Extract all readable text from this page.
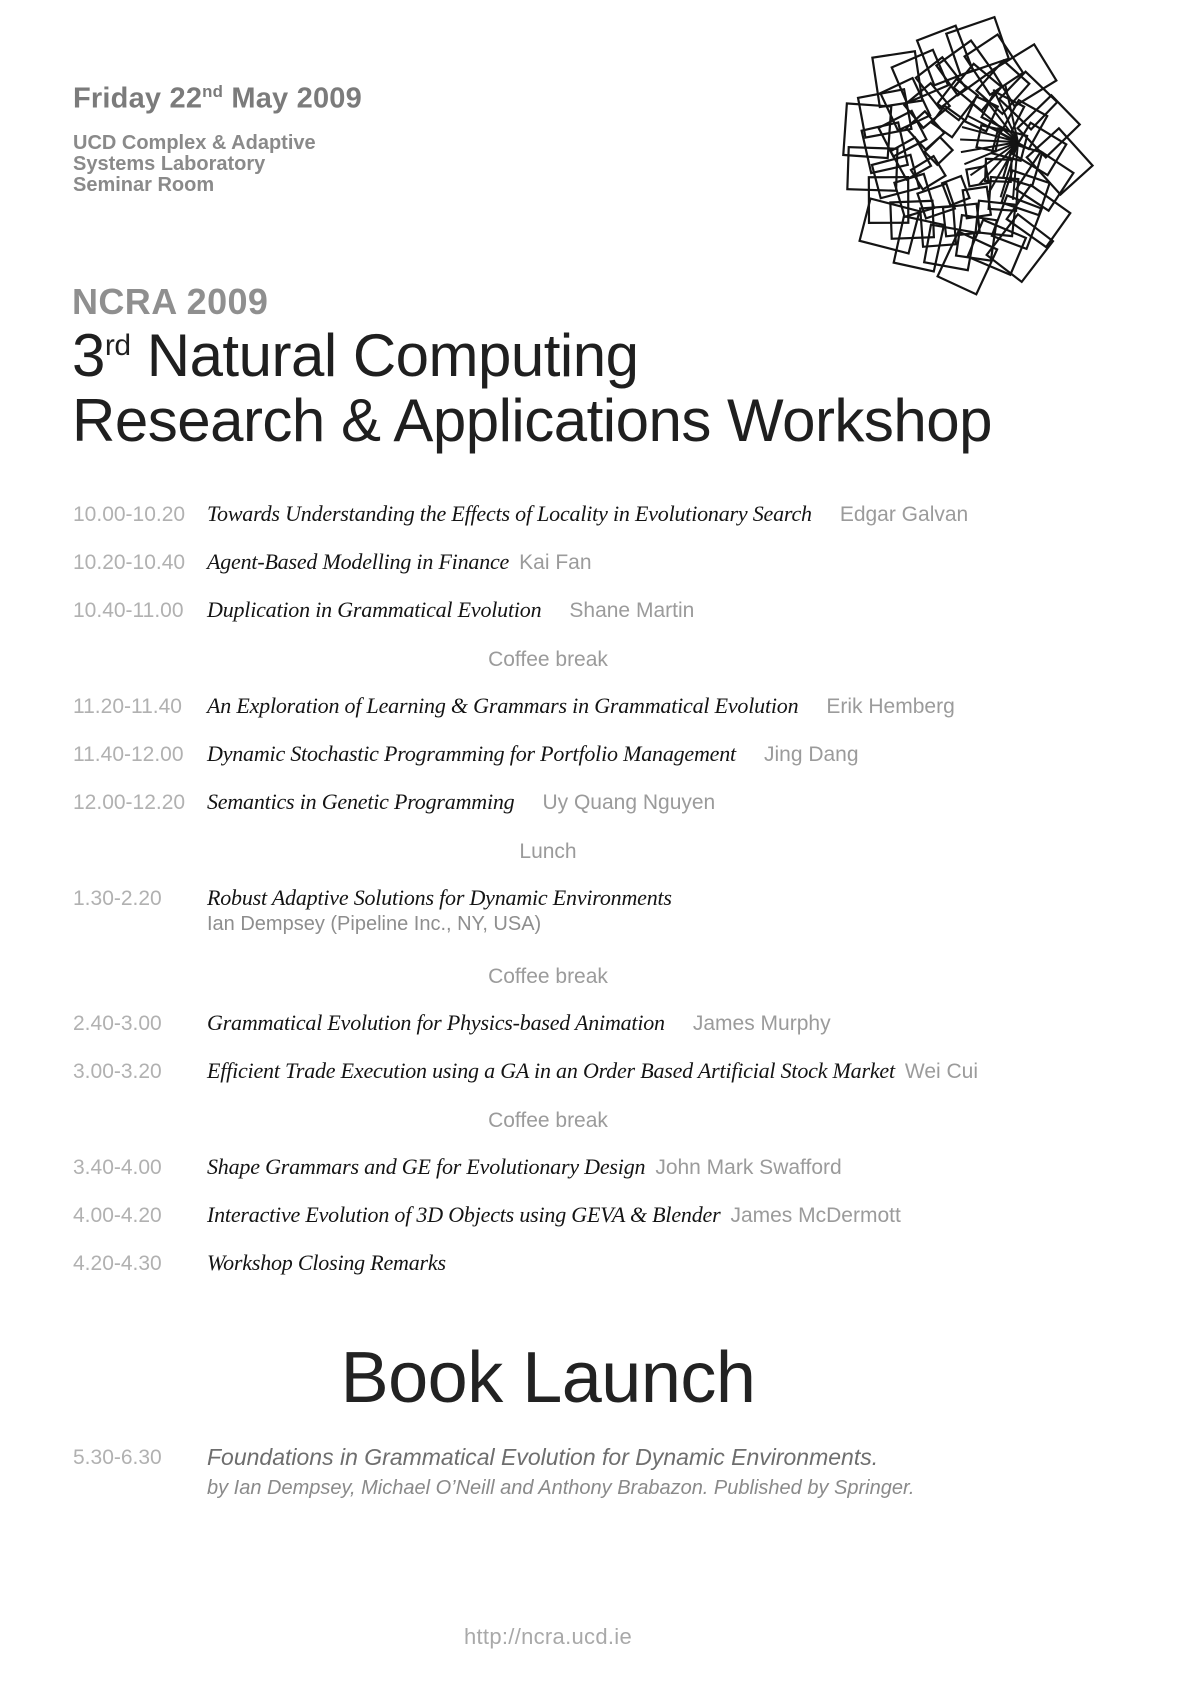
Friday 22nd May 2009
UCD Complex & Adaptive
Systems Laboratory
Seminar Room
NCRA 2009
3rd Natural Computing
Research & Applications Workshop
10.00-10.20 Towards Understanding the Effects of Locality in Evolutionary Search Edgar Galvan
10.20-10.40 Agent-Based Modelling in Finance Kai Fan
10.40-11.00 Duplication in Grammatical Evolution Shane Martin
Coffee break
11.20-11.40 An Exploration of Learning & Grammars in Grammatical Evolution Erik Hemberg
11.40-12.00 Dynamic Stochastic Programming for Portfolio Management Jing Dang
12.00-12.20 Semantics in Genetic Programming Uy Quang Nguyen
Lunch
1.30-2.20 Robust Adaptive Solutions for Dynamic Environments
Ian Dempsey (Pipeline Inc., NY, USA)
Coffee break
2.40-3.00 Grammatical Evolution for Physics-based Animation James Murphy
3.00-3.20 Efficient Trade Execution using a GA in an Order Based Artificial Stock Market Wei Cui
Coffee break
3.40-4.00 Shape Grammars and GE for Evolutionary Design John Mark Swafford
4.00-4.20 Interactive Evolution of 3D Objects using GEVA & Blender James McDermott
4.20-4.30 Workshop Closing Remarks
Book Launch
5.30-6.30 Foundations in Grammatical Evolution for Dynamic Environments.
by Ian Dempsey, Michael O’Neill and Anthony Brabazon. Published by Springer.
http://ncra.ucd.ie
